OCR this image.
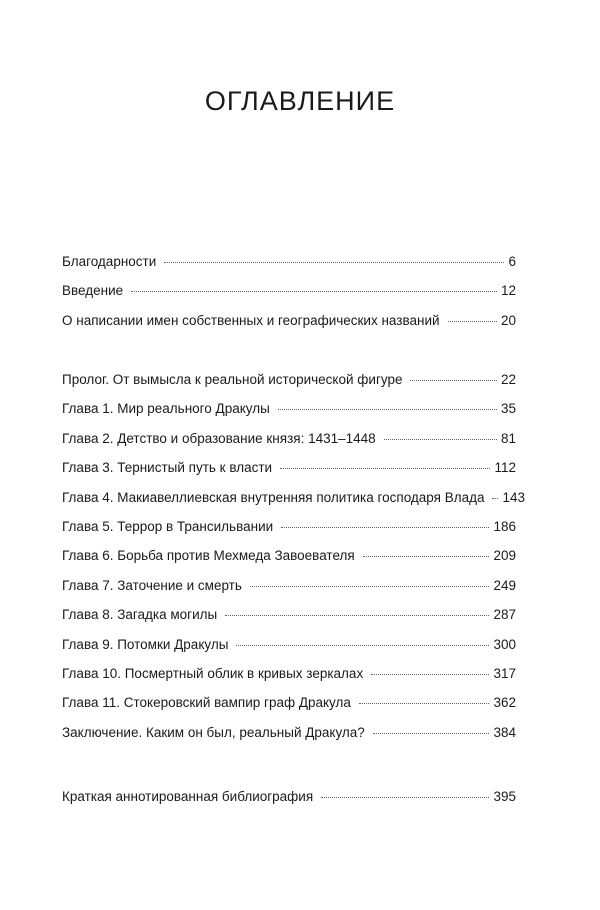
ОГЛАВЛЕНИЕ
Благодарности	6
Введение	12
О написании имен собственных и географических названий	20
Пролог. От вымысла к реальной исторической фигуре	22
Глава 1. Мир реального Дракулы	35
Глава 2. Детство и образование князя: 1431–1448	81
Глава 3. Тернистый путь к власти	112
Глава 4. Макиавеллиевская внутренняя политика господаря Влада 143
Глава 5. Террор в Трансильвании	186
Глава 6. Борьба против Мехмеда Завоевателя	209
Глава 7. Заточение и смерть	249
Глава 8. Загадка могилы	287
Глава 9. Потомки Дракулы	300
Глава 10. Посмертный облик в кривых зеркалах	317
Глава 11. Стокеровский вампир граф Дракула	362
Заключение. Каким он был, реальный Дракула?	384
Краткая аннотированная библиография	395
